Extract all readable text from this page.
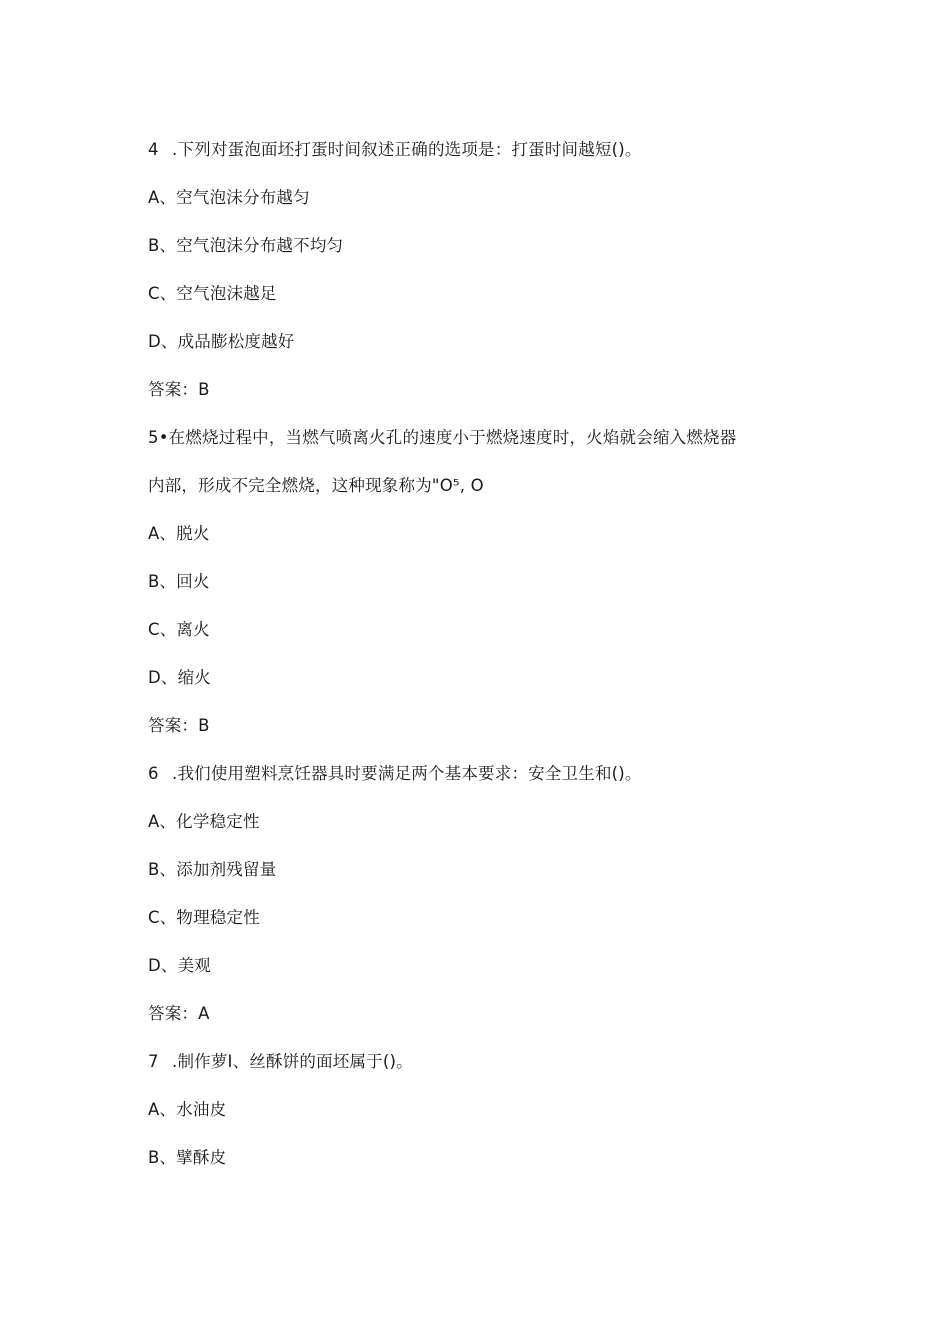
4 .下列对蛋泡面坯打蛋时间叙述正确的选项是：打蛋时间越短()。
A、空气泡沫分布越匀
B、空气泡沫分布越不均匀
C、空气泡沫越足
D、成品膨松度越好
答案：B
5•在燃烧过程中，当燃气喷离火孔的速度小于燃烧速度时，火焰就会缩入燃烧器
内部，形成不完全燃烧，这种现象称为"O⁵, O
A、脱火
B、回火
C、离火
D、缩火
答案：B
6 .我们使用塑料烹饪器具时要满足两个基本要求：安全卫生和()。
A、化学稳定性
B、添加剂残留量
C、物理稳定性
D、美观
答案：A
7 .制作萝I、丝酥饼的面坯属于()。
A、水油皮
B、擘酥皮
